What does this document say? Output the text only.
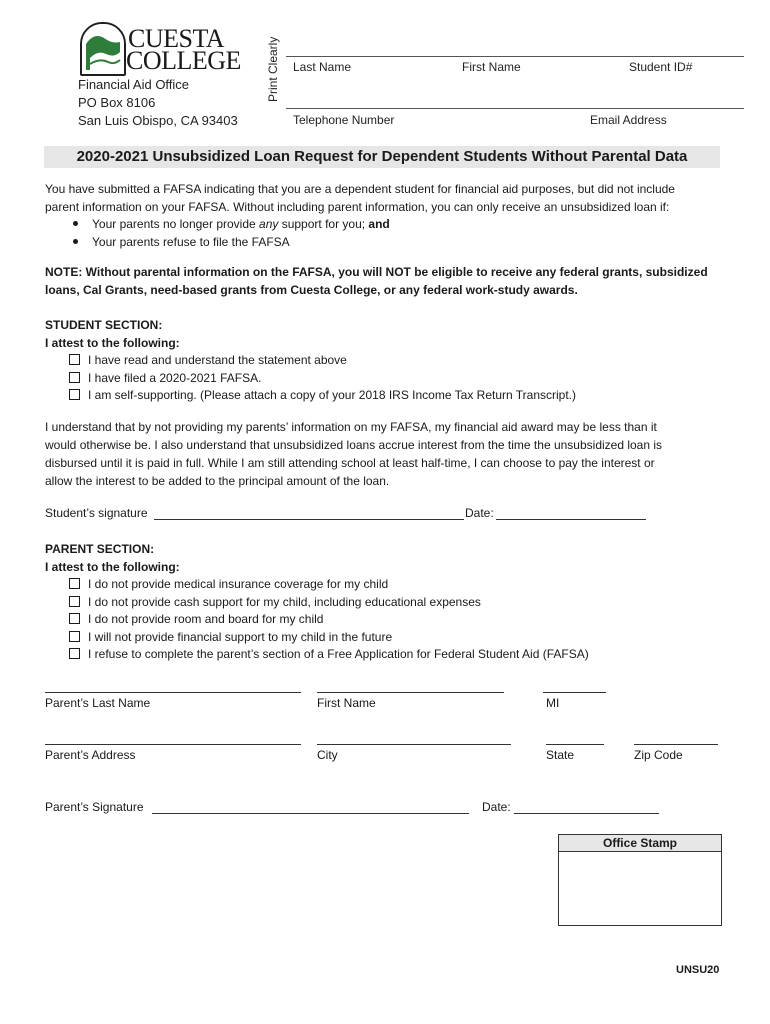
CUESTA
COLLEGE
Financial Aid Office
PO Box 8106
San Luis Obispo, CA 93403
Print Clearly Last Name	First Name	Student ID#
Telephone Number	Email Address
2020-2021 Unsubsidized Loan Request for Dependent Students Without Parental Data
You have submitted a FAFSA indicating that you are a dependent student for financial aid purposes, but did not include
parent information on your FAFSA. Without including parent information, you can only receive an unsubsidized loan if:
Your parents no longer provide any support for you; and
Your parents refuse to file the FAFSA
NOTE: Without parental information on the FAFSA, you will NOT be eligible to receive any federal grants, subsidized
loans, Cal Grants, need-based grants from Cuesta College, or any federal work-study awards.
STUDENT SECTION:
I attest to the following:
I have read and understand the statement above
I have filed a 2020-2021 FAFSA.
I am self-supporting. (Please attach a copy of your 2018 IRS Income Tax Return Transcript.)
I understand that by not providing my parents’ information on my FAFSA, my financial aid award may be less than it
would otherwise be. I also understand that unsubsidized loans accrue interest from the time the unsubsidized loan is
disbursed until it is paid in full. While I am still attending school at least half-time, I can choose to pay the interest or
allow the interest to be added to the principal amount of the loan.
Student’s signature	Date:
PARENT SECTION:
I attest to the following:
I do not provide medical insurance coverage for my child
I do not provide cash support for my child, including educational expenses
I do not provide room and board for my child
I will not provide financial support to my child in the future
I refuse to complete the parent’s section of a Free Application for Federal Student Aid (FAFSA)
Parent’s Last Name	First Name	MI
Parent’s Address	City	State	Zip Code
Parent’s Signature	Date:
Office Stamp
UNSU20
